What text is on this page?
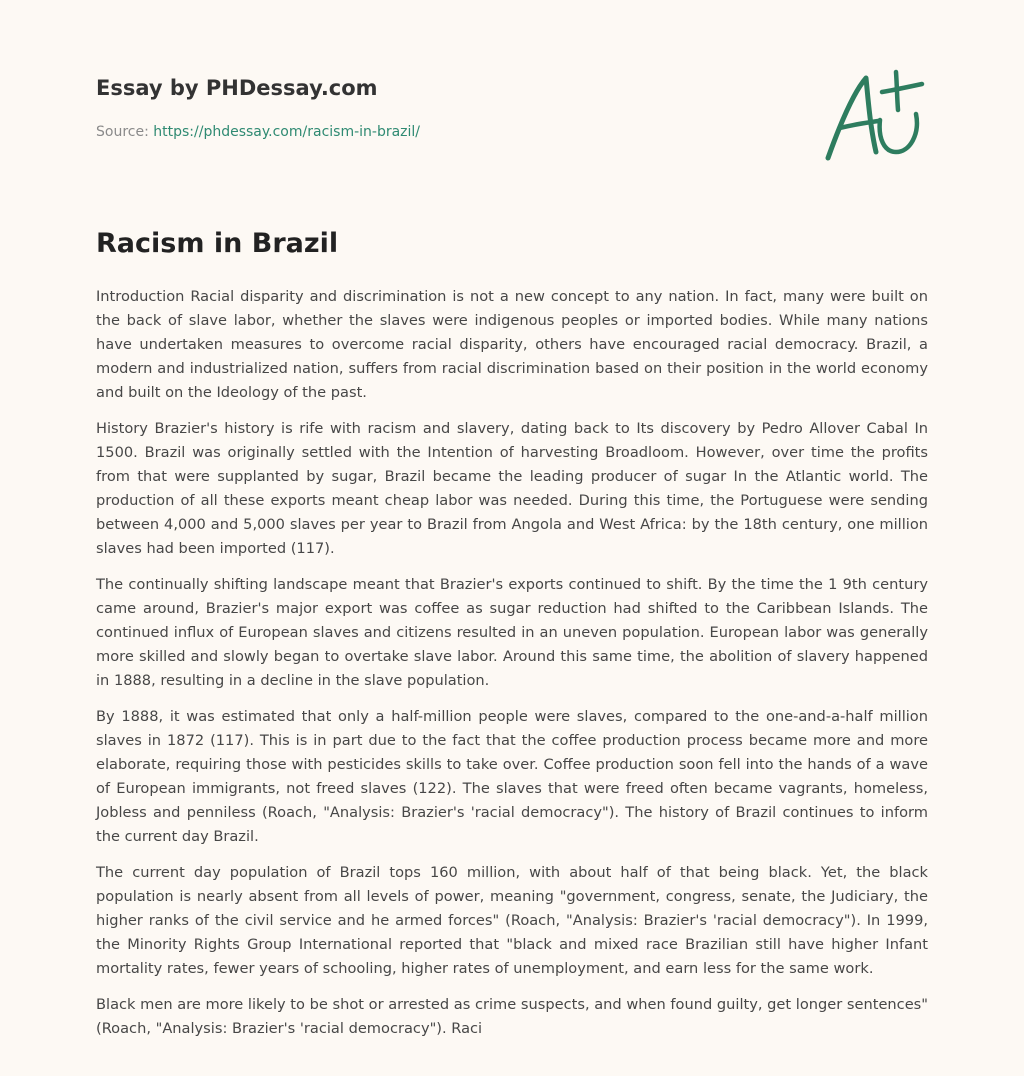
Essay by PHDessay.com
Source: https://phdessay.com/racism-in-brazil/
Racism in Brazil

Introduction Racial disparity and discrimination is not a new concept to any nation. In fact, many were built on the back of slave labor, whether the slaves were indigenous peoples or imported bodies. While many nations have undertaken measures to overcome racial disparity, others have encouraged racial democracy. Brazil, a modern and industrialized nation, suffers from racial discrimination based on their position in the world economy and built on the Ideology of the past.

History Brazier's history is rife with racism and slavery, dating back to Its discovery by Pedro Allover Cabal In 1500. Brazil was originally settled with the Intention of harvesting Broadloom. However, over time the profits from that were supplanted by sugar, Brazil became the leading producer of sugar In the Atlantic world. The production of all these exports meant cheap labor was needed. During this time, the Portuguese were sending between 4,000 and 5,000 slaves per year to Brazil from Angola and West Africa: by the 18th century, one million slaves had been imported (117).

The continually shifting landscape meant that Brazier's exports continued to shift. By the time the 1 9th century came around, Brazier's major export was coffee as sugar reduction had shifted to the Caribbean Islands. The continued influx of European slaves and citizens resulted in an uneven population. European labor was generally more skilled and slowly began to overtake slave labor. Around this same time, the abolition of slavery happened in 1888, resulting in a decline in the slave population.

By 1888, it was estimated that only a half-million people were slaves, compared to the one-and-a-half million slaves in 1872 (117). This is in part due to the fact that the coffee production process became more and more elaborate, requiring those with pesticides skills to take over. Coffee production soon fell into the hands of a wave of European immigrants, not freed slaves (122). The slaves that were freed often became vagrants, homeless, Jobless and penniless (Roach, "Analysis: Brazier's 'racial democracy"). The history of Brazil continues to inform the current day Brazil.

The current day population of Brazil tops 160 million, with about half of that being black. Yet, the black population is nearly absent from all levels of power, meaning "government, congress, senate, the Judiciary, the higher ranks of the civil service and he armed forces" (Roach, "Analysis: Brazier's 'racial democracy"). In 1999, the Minority Rights Group International reported that "black and mixed race Brazilian still have higher Infant mortality rates, fewer years of schooling, higher rates of unemployment, and earn less for the same work.

Black men are more likely to be shot or arrested as crime suspects, and when found guilty, get longer sentences" (Roach, "Analysis: Brazier's 'racial democracy"). Raci
